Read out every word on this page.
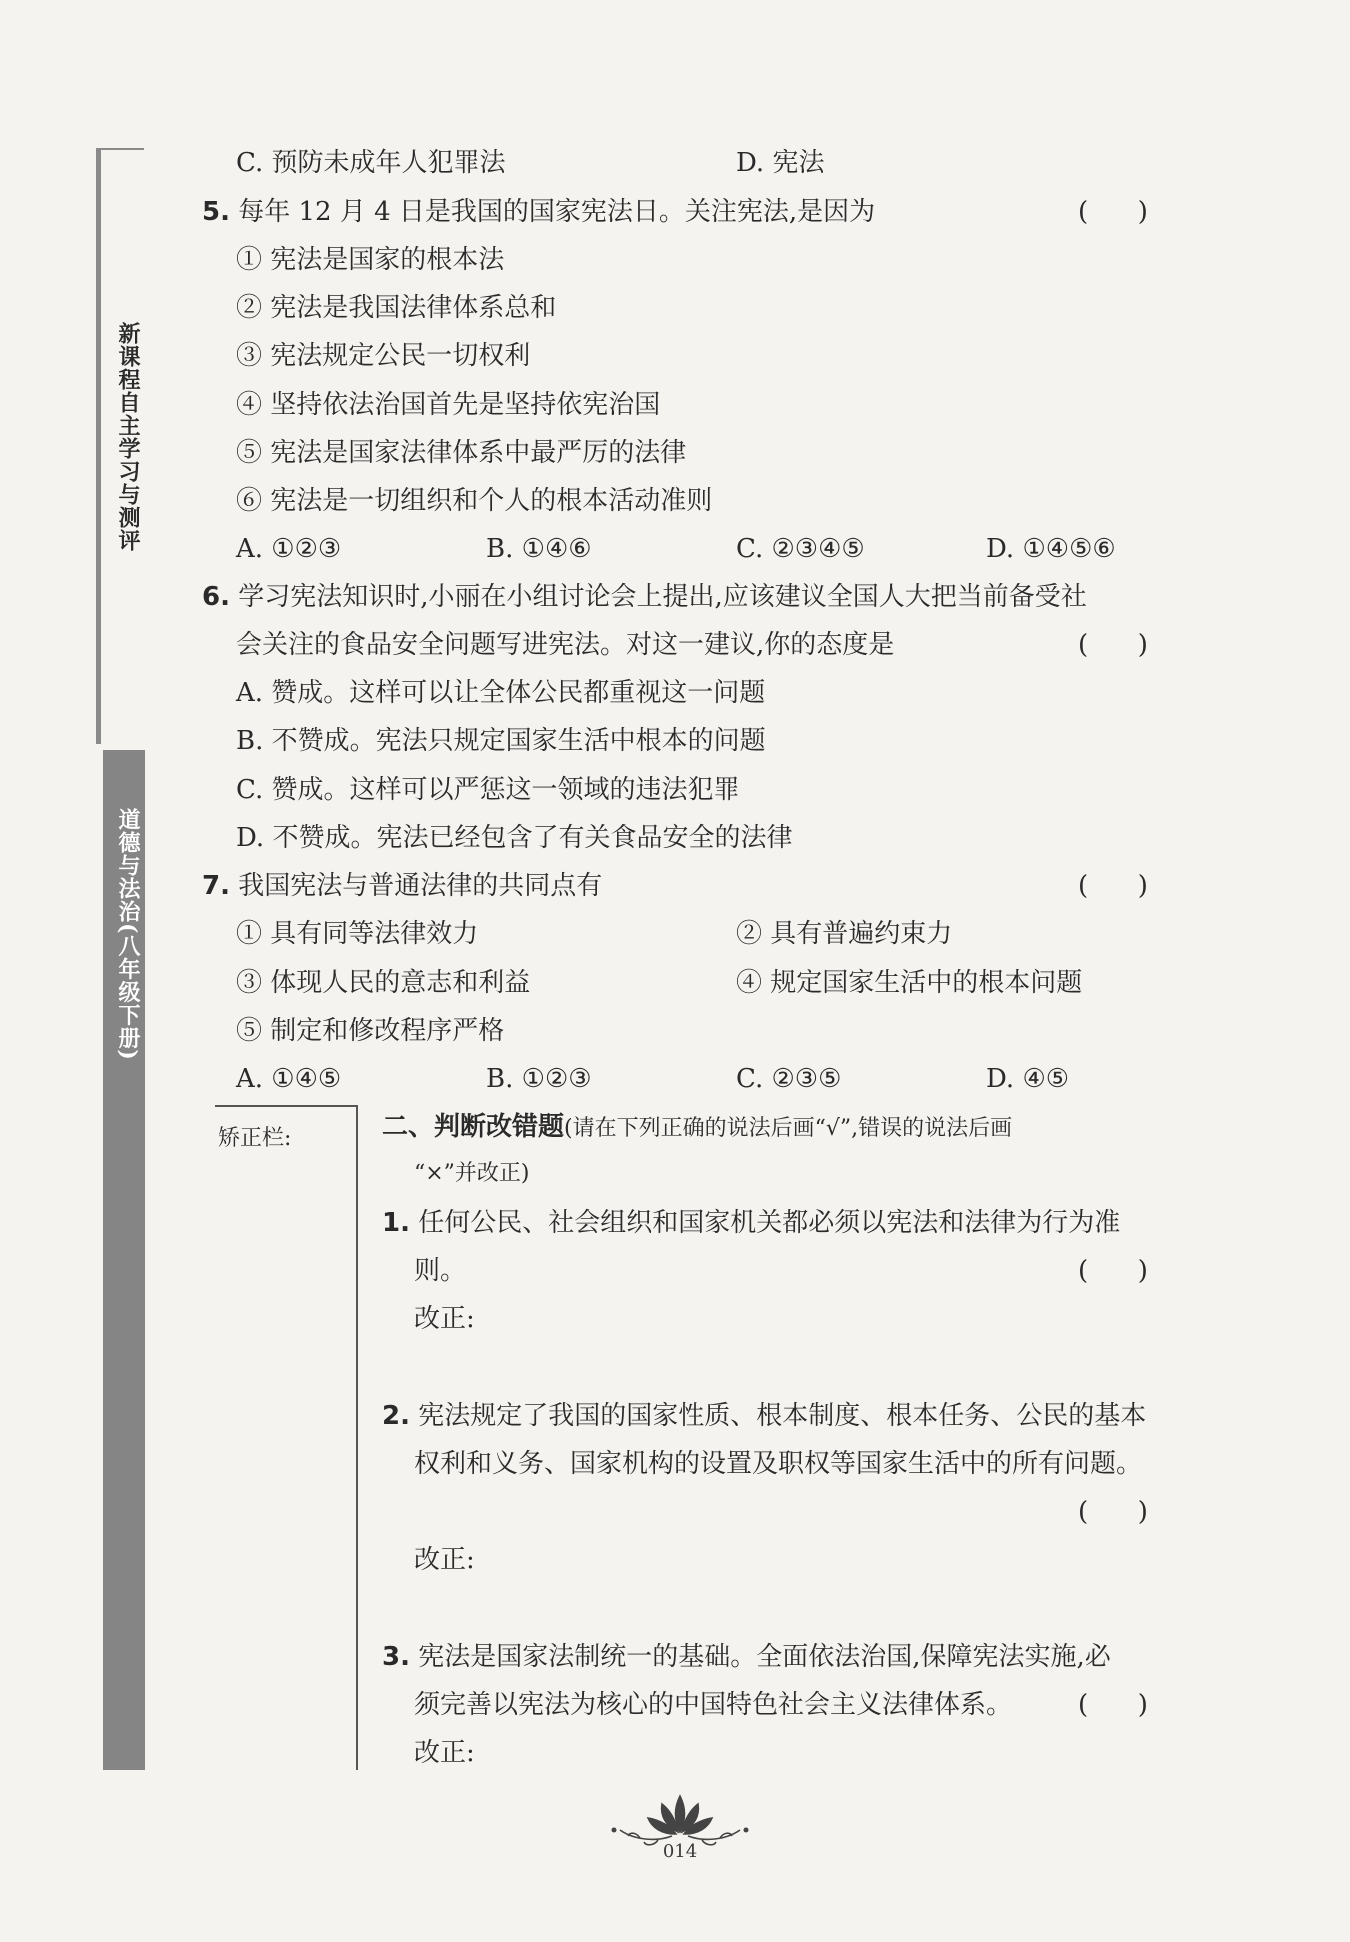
新课程自主学习与测评
道德与法治(八年级下册)
C. 预防未成年人犯罪法	D. 宪法
5. 每年 12 月 4 日是我国的国家宪法日。关注宪法,是因为	(      )
① 宪法是国家的根本法
② 宪法是我国法律体系总和
③ 宪法规定公民一切权利
④ 坚持依法治国首先是坚持依宪治国
⑤ 宪法是国家法律体系中最严厉的法律
⑥ 宪法是一切组织和个人的根本活动准则
A. ①②③	B. ①④⑥	C. ②③④⑤	D. ①④⑤⑥
6. 学习宪法知识时,小丽在小组讨论会上提出,应该建议全国人大把当前备受社
会关注的食品安全问题写进宪法。对这一建议,你的态度是	(      )
A. 赞成。这样可以让全体公民都重视这一问题
B. 不赞成。宪法只规定国家生活中根本的问题
C. 赞成。这样可以严惩这一领域的违法犯罪
D. 不赞成。宪法已经包含了有关食品安全的法律
7. 我国宪法与普通法律的共同点有	(      )
① 具有同等法律效力	② 具有普遍约束力
③ 体现人民的意志和利益	④ 规定国家生活中的根本问题
⑤ 制定和修改程序严格
A. ①④⑤	B. ①②③	C. ②③⑤	D. ④⑤
矫正栏:	二、判断改错题(请在下列正确的说法后画“√”,错误的说法后画
“×”并改正)
1. 任何公民、社会组织和国家机关都必须以宪法和法律为行为准
则。	(      )
改正:
2. 宪法规定了我国的国家性质、根本制度、根本任务、公民的基本
权利和义务、国家机构的设置及职权等国家生活中的所有问题。
(      )
改正:
3. 宪法是国家法制统一的基础。全面依法治国,保障宪法实施,必
须完善以宪法为核心的中国特色社会主义法律体系。	(      )
改正:
014
